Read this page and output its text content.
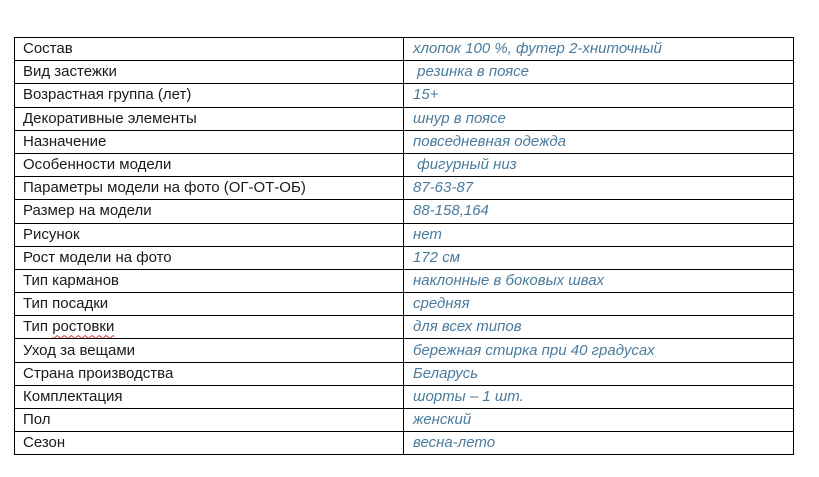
Состав	хлопок 100 %, футер 2-хниточный
Вид застежки	резинка в поясе
Возрастная группа (лет)	15+
Декоративные элементы	шнур в поясе
Назначение	повседневная одежда
Особенности модели	фигурный низ
Параметры модели на фото (ОГ-ОТ-ОБ)	87-63-87
Размер на модели	88-158,164
Рисунок	нет
Рост модели на фото	172 см
Тип карманов	наклонные в боковых швах
Тип посадки	средняя
Тип ростовки	для всех типов
Уход за вещами	бережная стирка при 40 градусах
Страна производства	Беларусь
Комплектация	шорты – 1 шт.
Пол	женский
Сезон	весна-лето
